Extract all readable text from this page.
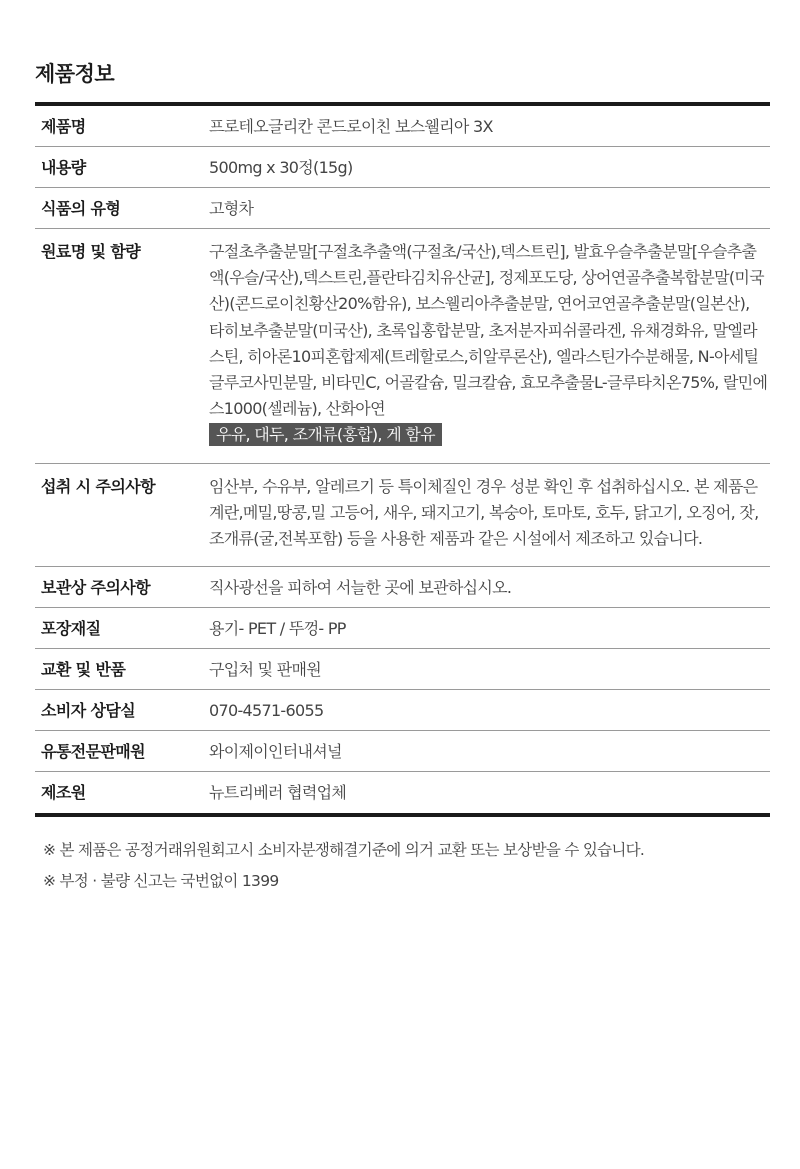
제품정보
제품명	프로테오글리칸 콘드로이친 보스웰리아 3X
내용량	500mg x 30정(15g)
식품의 유형	고형차
원료명 및 함량	구절초추출분말[구절초추출액(구절초/국산),덱스트린], 발효우슬추출분말[우슬추출액(우슬/국산),덱스트린,플란타김치유산균], 정제포도당, 상어연골추출복합분말(미국산)(콘드로이친황산20%함유), 보스웰리아추출분말, 연어코연골추출분말(일본산), 타히보추출분말(미국산), 초록입홍합분말, 초저분자피쉬콜라겐, 유채경화유, 말엘라스틴, 히아론10피혼합제제(트레할로스,히알루론산), 엘라스틴가수분해물, N-아세틸글루코사민분말, 비타민C, 어골칼슘, 밀크칼슘, 효모추출물L-글루타치온75%, 랄민에스1000(셀레늄), 산화아연
우유, 대두, 조개류(홍합), 게 함유
섭취 시 주의사항	임산부, 수유부, 알레르기 등 특이체질인 경우 성분 확인 후 섭취하십시오. 본 제품은 계란,메밀,땅콩,밀 고등어, 새우, 돼지고기, 복숭아, 토마토, 호두, 닭고기, 오징어, 잣, 조개류(굴,전복포함) 등을 사용한 제품과 같은 시설에서 제조하고 있습니다.
보관상 주의사항	직사광선을 피하여 서늘한 곳에 보관하십시오.
포장재질	용기- PET / 뚜껑- PP
교환 및 반품	구입처 및 판매원
소비자 상담실	070-4571-6055
유통전문판매원	와이제이인터내셔널
제조원	뉴트리베러 협력업체
※ 본 제품은 공정거래위원회고시 소비자분쟁해결기준에 의거 교환 또는 보상받을 수 있습니다.
※ 부정 · 불량 신고는 국번없이 1399
